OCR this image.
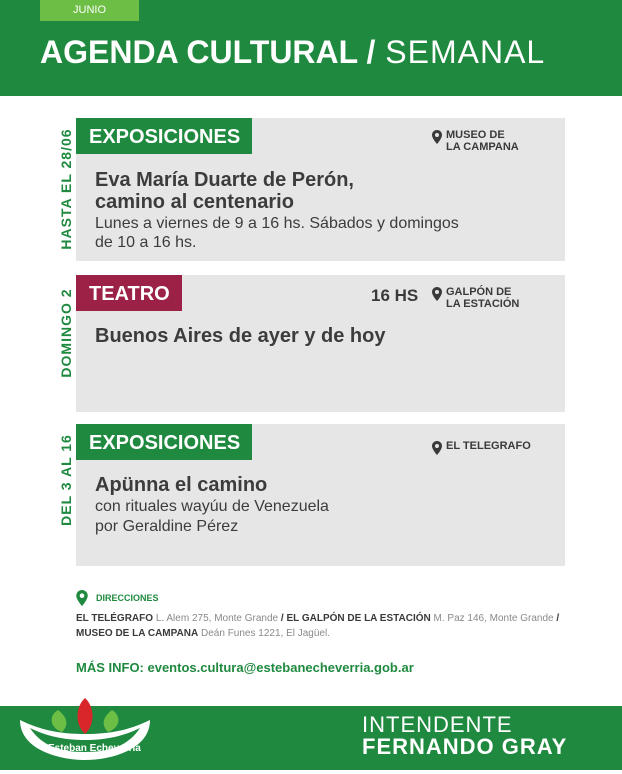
JUNIO
AGENDA CULTURAL / SEMANAL
HASTA EL 28/06 EXPOSICIONES	MUSEO DE
LA CAMPANA
Eva María Duarte de Perón,
camino al centenario
Lunes a viernes de 9 a 16 hs. Sábados y domingos
de 10 a 16 hs.
DOMINGO 2 TEATRO	16 HS	GALPÓN DE
LA ESTACIÓN
Buenos Aires de ayer y de hoy
DEL 3 AL 16 EXPOSICIONES	EL TELEGRAFO
Apünna el camino
con rituales wayúu de Venezuela
por Geraldine Pérez
DIRECCIONES
EL TELÉGRAFO L. Alem 275, Monte Grande / EL GALPÓN DE LA ESTACIÓN M. Paz 146, Monte Grande / MUSEO DE LA CAMPANA Deán Funes 1221, El Jagüel.
MÁS INFO: eventos.cultura@estebanecheverria.gob.ar
Esteban Echeverría
INTENDENTE
FERNANDO GRAY
